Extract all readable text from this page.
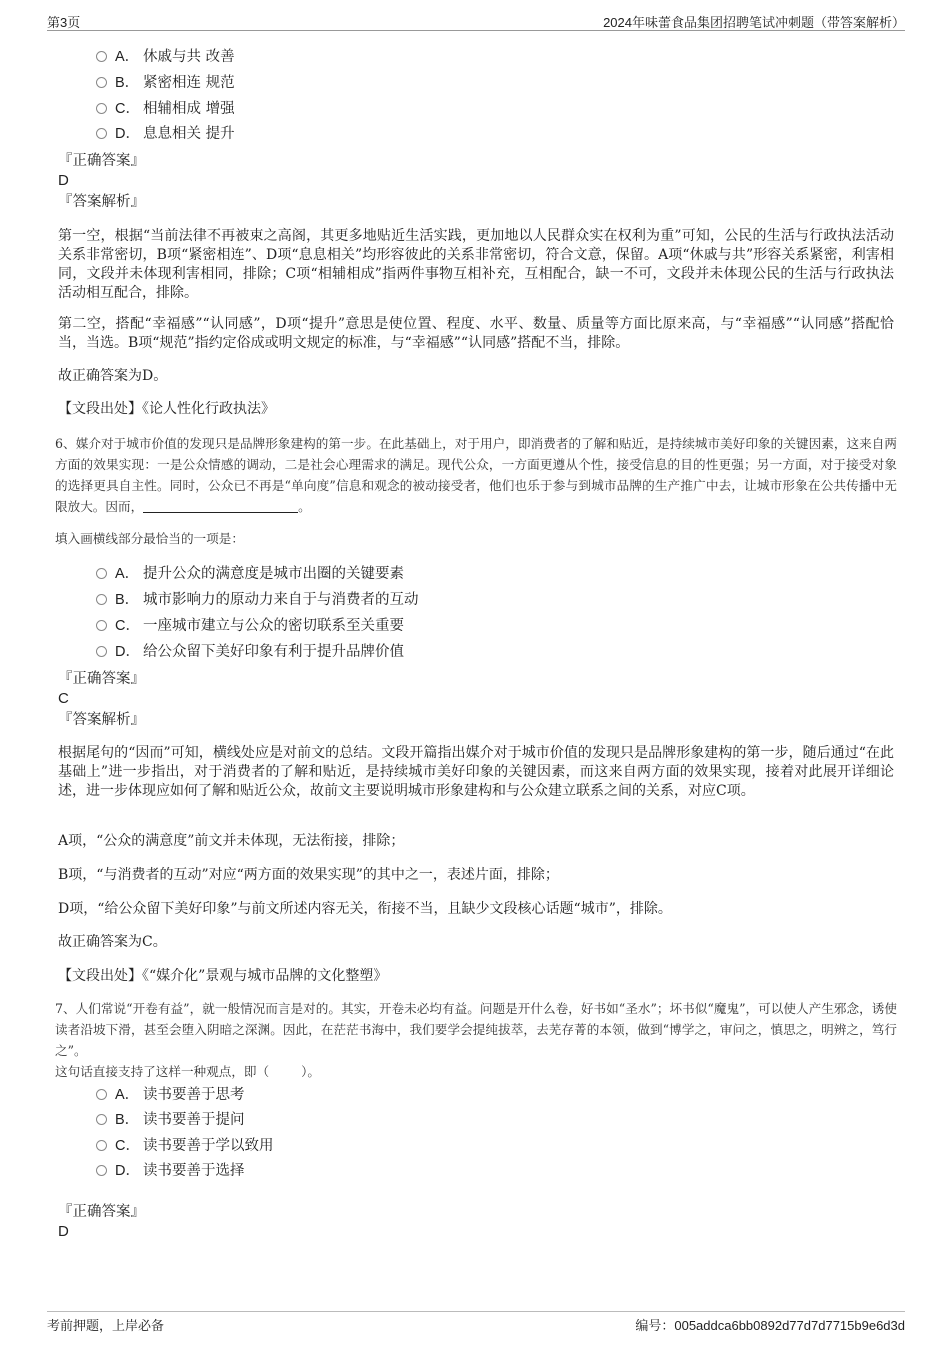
第3页	2024年味蕾食品集团招聘笔试冲刺题（带答案解析）
A． 休戚与共 改善
B． 紧密相连 规范
C． 相辅相成 增强
D． 息息相关 提升
『正确答案』
D
『答案解析』
第一空，根据“当前法律不再被束之高阁，其更多地贴近生活实践，更加地以人民群众实在权利为重”可知，公民的生活与行政执法活动关系非常密切，B项“紧密相连”、D项“息息相关”均形容彼此的关系非常密切，符合文意，保留。A项“休戚与共”形容关系紧密，利害相同，文段并未体现利害相同，排除；C项“相辅相成”指两件事物互相补充，互相配合，缺一不可，文段并未体现公民的生活与行政执法活动相互配合，排除。
第二空，搭配“幸福感”“认同感”，D项“提升”意思是使位置、程度、水平、数量、质量等方面比原来高，与“幸福感”“认同感”搭配恰当，当选。B项“规范”指约定俗成或明文规定的标准，与“幸福感”“认同感”搭配不当，排除。
故正确答案为D。
【文段出处】《论人性化行政执法》
6、媒介对于城市价值的发现只是品牌形象建构的第一步。在此基础上，对于用户，即消费者的了解和贴近，是持续城市美好印象的关键因素，这来自两方面的效果实现：一是公众情感的调动，二是社会心理需求的满足。现代公众，一方面更遵从个性，接受信息的目的性更强；另一方面，对于接受对象的选择更具自主性。同时，公众已不再是“单向度”信息和观念的被动接受者，他们也乐于参与到城市品牌的生产推广中去，让城市形象在公共传播中无限放大。因而，	。
填入画横线部分最恰当的一项是：
A． 提升公众的满意度是城市出圈的关键要素
B． 城市影响力的原动力来自于与消费者的互动
C． 一座城市建立与公众的密切联系至关重要
D． 给公众留下美好印象有利于提升品牌价值
『正确答案』
C
『答案解析』
根据尾句的“因而”可知，横线处应是对前文的总结。文段开篇指出媒介对于城市价值的发现只是品牌形象建构的第一步，随后通过“在此基础上”进一步指出，对于消费者的了解和贴近，是持续城市美好印象的关键因素，而这来自两方面的效果实现，接着对此展开详细论述，进一步体现应如何了解和贴近公众，故前文主要说明城市形象建构和与公众建立联系之间的关系，对应C项。
A项，“公众的满意度”前文并未体现，无法衔接，排除；
B项，“与消费者的互动”对应“两方面的效果实现”的其中之一，表述片面，排除；
D项，“给公众留下美好印象”与前文所述内容无关，衔接不当，且缺少文段核心话题“城市”，排除。
故正确答案为C。
【文段出处】《“媒介化”景观与城市品牌的文化整塑》
7、人们常说“开卷有益”，就一般情况而言是对的。其实，开卷未必均有益。问题是开什么卷，好书如“圣水”；坏书似“魔鬼”，可以使人产生邪念，诱使读者沿坡下滑，甚至会堕入阴暗之深渊。因此，在茫茫书海中，我们要学会提纯拔萃，去芜存菁的本领，做到“博学之，审问之，慎思之，明辨之，笃行之”。
这句话直接支持了这样一种观点，即（	）。
A． 读书要善于思考
B． 读书要善于提问
C． 读书要善于学以致用
D． 读书要善于选择
『正确答案』
D
考前押题，上岸必备	编号：005addca6bb0892d77d7d7715b9e6d3d
